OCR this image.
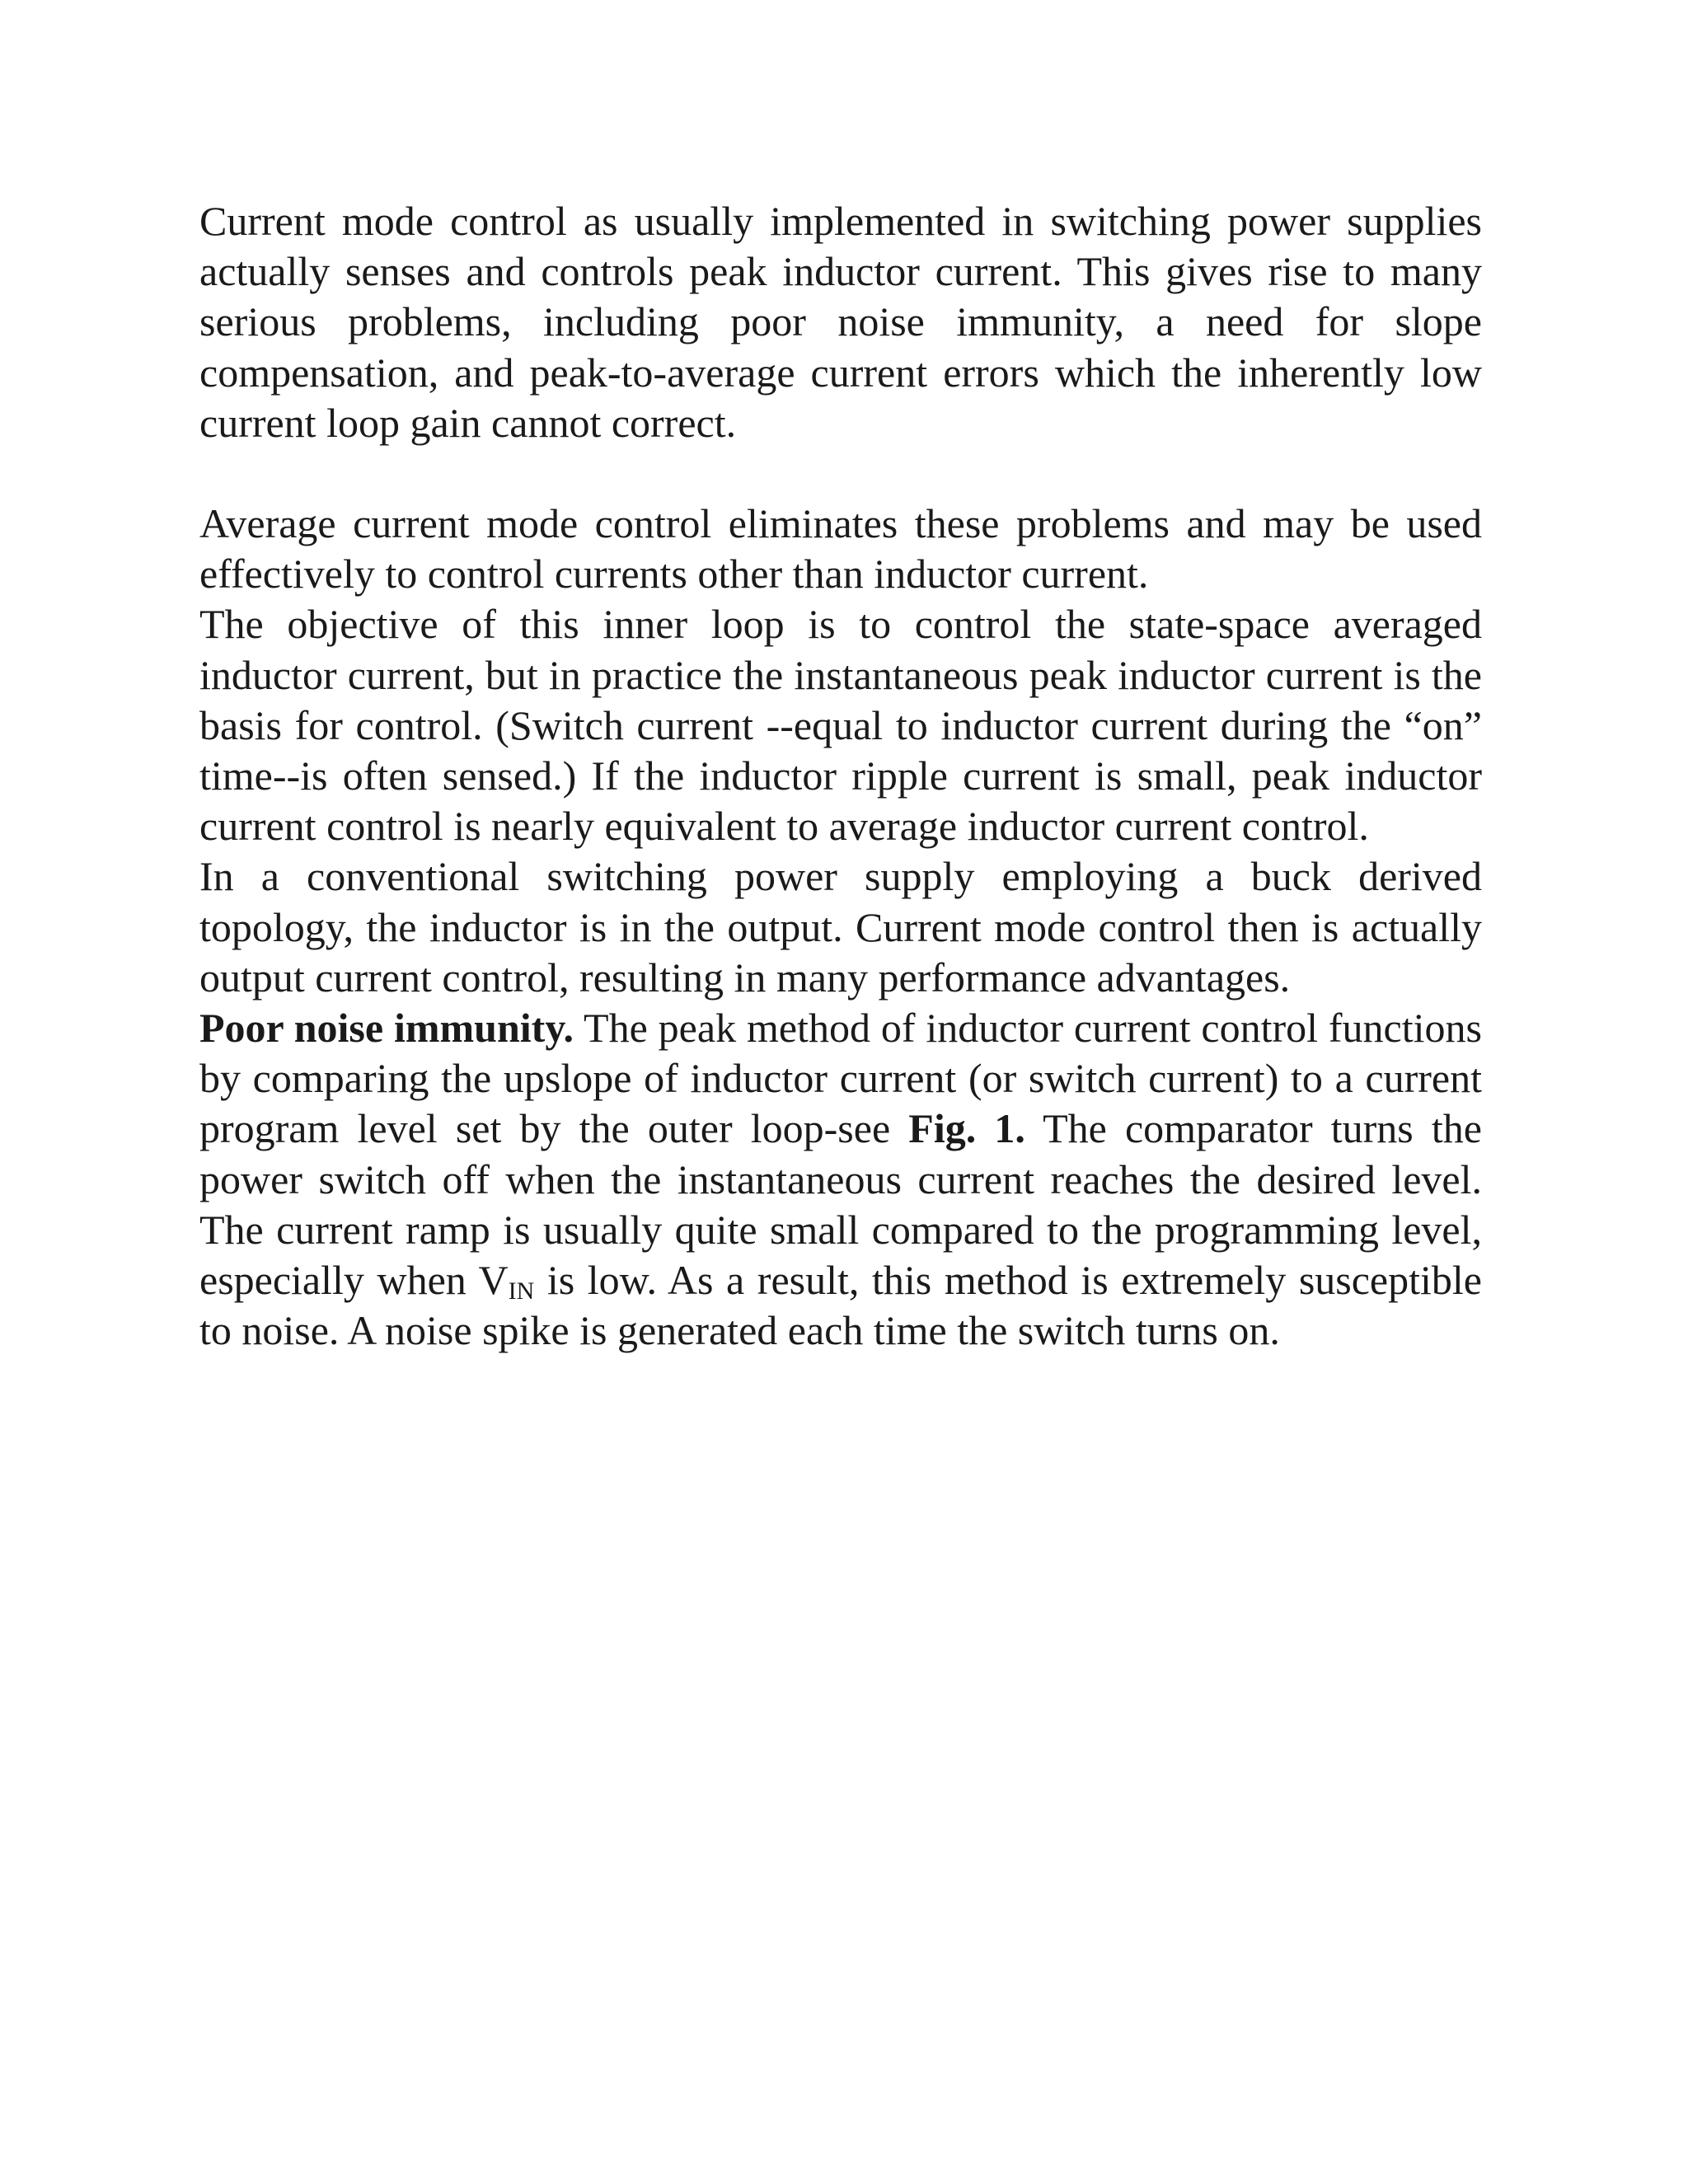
Current mode control as usually implemented in switching power supplies actually senses and controls peak inductor current. This gives rise to many serious problems, including poor noise immunity, a need for slope compensation, and peak-to-average current errors which the inherently low current loop gain cannot correct.

Average current mode control eliminates these problems and may be used effectively to control currents other than inductor current.

The objective of this inner loop is to control the state-space averaged inductor current, but in practice the instantaneous peak inductor current is the basis for control. (Switch current --equal to inductor current during the “on” time--is often sensed.) If the inductor ripple current is small, peak inductor current control is nearly equivalent to average inductor current control.

In a conventional switching power supply employing a buck derived topology, the inductor is in the output. Current mode control then is actually output current control, resulting in many performance advantages.

Poor noise immunity. The peak method of inductor current control functions by comparing the upslope of inductor current (or switch current) to a current program level set by the outer loop-see Fig. 1. The comparator turns the power switch off when the instantaneous current reaches the desired level. The current ramp is usually quite small compared to the programming level, especially when $V_{IN}$ is low. As a result, this method is extremely susceptible to noise. A noise spike is generated each time the switch turns on.
